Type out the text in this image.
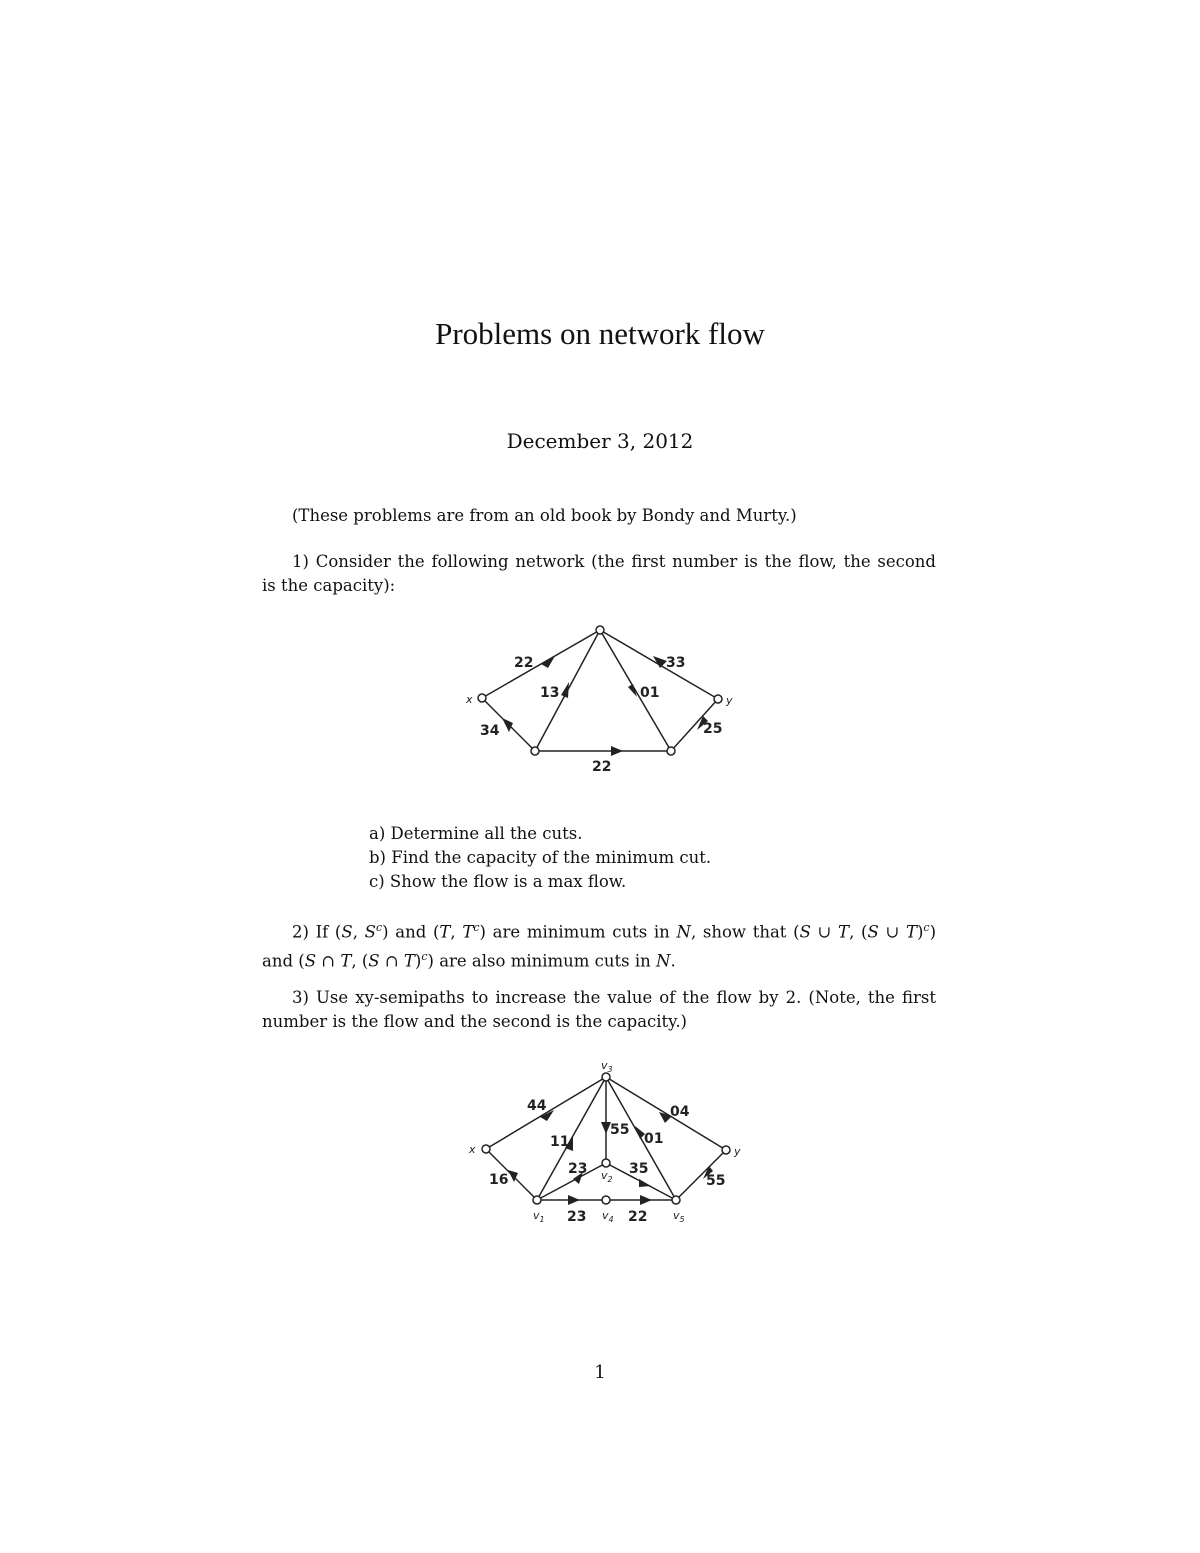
Problems on network flow
December 3, 2012
(These problems are from an old book by Bondy and Murty.)
1) Consider the following network (the first number is the flow, the second is the capacity):
x	y
22
13	01
33
34	25
22
a) Determine all the cuts.
b) Find the capacity of the minimum cut.
c) Show the flow is a max flow.
2) If (S, $S^c$) and (T, $T^c$) are minimum cuts in N, show that (S ∪ T, (S ∪ T)$^c$) and (S ∩ T, (S ∩ T)$^c$) are also minimum cuts in N.
3) Use xy-semipaths to increase the value of the flow by 2. (Note, the first number is the flow and the second is the capacity.)
x	y
$v_3$
$v_2$
$v_1$	$v_4$	$v_5$
44	04
11
55
01
23	35
16	55
23	22
1
